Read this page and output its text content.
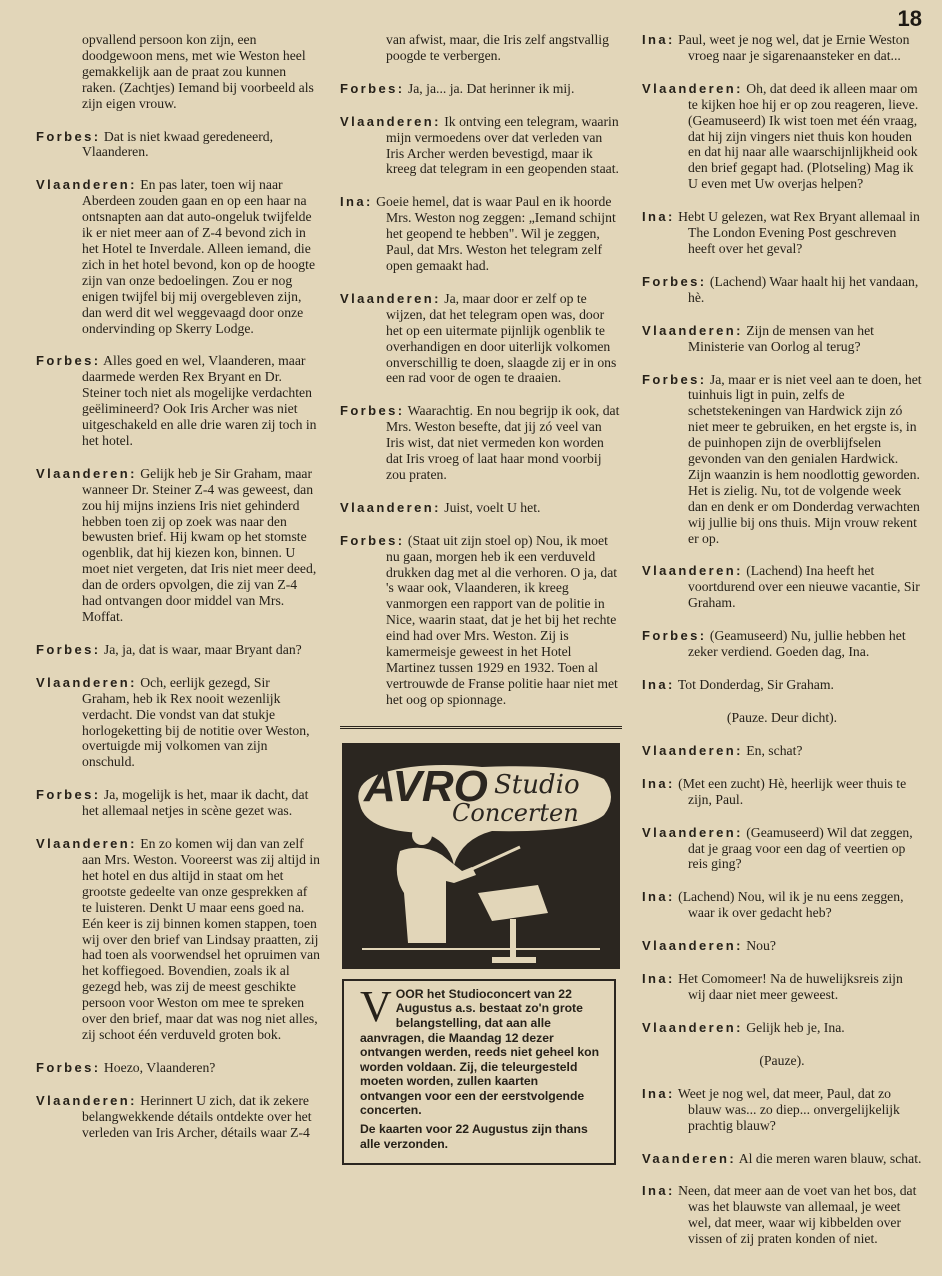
18
opvallend persoon kon zijn, een doodgewoon mens, met wie Weston heel gemakkelijk aan de praat zou kunnen raken. (Zachtjes) Iemand bij voorbeeld als zijn eigen vrouw.
Forbes: Dat is niet kwaad geredeneerd, Vlaanderen.
Vlaanderen: En pas later, toen wij naar Aberdeen zouden gaan en op een haar na ontsnapten aan dat auto-ongeluk twijfelde ik er niet meer aan of Z-4 bevond zich in het Hotel te Inverdale. Alleen iemand, die zich in het hotel bevond, kon op de hoogte zijn van onze bedoelingen. Zou er nog enigen twijfel bij mij overgebleven zijn, dan werd dit wel weggevaagd door onze ondervinding op Skerry Lodge.
Forbes: Alles goed en wel, Vlaanderen, maar daarmede werden Rex Bryant en Dr. Steiner toch niet als mogelijke verdachten geëlimineerd? Ook Iris Archer was niet uitgeschakeld en alle drie waren zij toch in het hotel.
Vlaanderen: Gelijk heb je Sir Graham, maar wanneer Dr. Steiner Z-4 was geweest, dan zou hij mijns inziens Iris niet gehinderd hebben toen zij op zoek was naar den bewusten brief. Hij kwam op het stomste ogenblik, dat hij kiezen kon, binnen. U moet niet vergeten, dat Iris niet meer deed, dan de orders opvolgen, die zij van Z-4 had ontvangen door middel van Mrs. Moffat.
Forbes: Ja, ja, dat is waar, maar Bryant dan?
Vlaanderen: Och, eerlijk gezegd, Sir Graham, heb ik Rex nooit wezenlijk verdacht. Die vondst van dat stukje horlogeketting bij de notitie over Weston, overtuigde mij volkomen van zijn onschuld.
Forbes: Ja, mogelijk is het, maar ik dacht, dat het allemaal netjes in scène gezet was.
Vlaanderen: En zo komen wij dan van zelf aan Mrs. Weston. Vooreerst was zij altijd in het hotel en dus altijd in staat om het grootste gedeelte van onze gesprekken af te luisteren. Denkt U maar eens goed na. Eén keer is zij binnen komen stappen, toen wij over den brief van Lindsay praatten, zij had toen als voorwendsel het opruimen van het koffiegoed. Bovendien, zoals ik al gezegd heb, was zij de meest geschikte persoon voor Weston om mee te spreken over den brief, maar dat was nog niet alles, zij schoot één verduveld groten bok.
Forbes: Hoezo, Vlaanderen?
Vlaanderen: Herinnert U zich, dat ik zekere belangwekkende détails ontdekte over het verleden van Iris Archer, détails waar Z-4
van afwist, maar, die Iris zelf angstvallig poogde te verbergen.
Forbes: Ja, ja... ja. Dat herinner ik mij.
Vlaanderen: Ik ontving een telegram, waarin mijn vermoedens over dat verleden van Iris Archer werden bevestigd, maar ik kreeg dat telegram in een geopenden staat.
Ina: Goeie hemel, dat is waar Paul en ik hoorde Mrs. Weston nog zeggen: „Iemand schijnt het geopend te hebben". Wil je zeggen, Paul, dat Mrs. Weston het telegram zelf open gemaakt had.
Vlaanderen: Ja, maar door er zelf op te wijzen, dat het telegram open was, door het op een uitermate pijnlijk ogenblik te overhandigen en door uiterlijk volkomen onverschillig te doen, slaagde zij er in ons een rad voor de ogen te draaien.
Forbes: Waarachtig. En nou begrijp ik ook, dat Mrs. Weston besefte, dat jij zó veel van Iris wist, dat niet vermeden kon worden dat Iris vroeg of laat haar mond voorbij zou praten.
Vlaanderen: Juist, voelt U het.
Forbes: (Staat uit zijn stoel op) Nou, ik moet nu gaan, morgen heb ik een verduveld drukken dag met al die verhoren. O ja, dat 's waar ook, Vlaanderen, ik kreeg vanmorgen een rapport van de politie in Nice, waarin staat, dat je het bij het rechte eind had over Mrs. Weston. Zij is kamermeisje geweest in het Hotel Martinez tussen 1929 en 1932. Toen al vertrouwde de Franse politie haar niet met het oog op spionnage.
AVRO Studio
Concerten
V OOR het Studioconcert van 22 Augustus a.s. bestaat zo'n grote belangstelling, dat aan alle aanvragen, die Maandag 12 dezer ontvangen werden, reeds niet geheel kon worden voldaan. Zij, die teleurgesteld moeten worden, zullen kaarten ontvangen voor een der eerstvolgende concerten.

De kaarten voor 22 Augustus zijn thans alle verzonden.

Ina: Paul, weet je nog wel, dat je Ernie Weston vroeg naar je sigarenaansteker en dat...
Vlaanderen: Oh, dat deed ik alleen maar om te kijken hoe hij er op zou reageren, lieve. (Geamuseerd) Ik wist toen met één vraag, dat hij zijn vingers niet thuis kon houden en dat hij naar alle waarschijnlijkheid ook den brief gegapt had. (Plotseling) Mag ik U even met Uw overjas helpen?
Ina: Hebt U gelezen, wat Rex Bryant allemaal in The London Evening Post geschreven heeft over het geval?
Forbes: (Lachend) Waar haalt hij het vandaan, hè.
Vlaanderen: Zijn de mensen van het Ministerie van Oorlog al terug?
Forbes: Ja, maar er is niet veel aan te doen, het tuinhuis ligt in puin, zelfs de schetstekeningen van Hardwick zijn zó niet meer te gebruiken, en het ergste is, in de puinhopen zijn de overblijfselen gevonden van den genialen Hardwick. Zijn waanzin is hem noodlottig geworden. Het is zielig. Nu, tot de volgende week dan en denk er om Donderdag verwachten wij jullie bij ons thuis. Mijn vrouw rekent er op.
Vlaanderen: (Lachend) Ina heeft het voortdurend over een nieuwe vacantie, Sir Graham.
Forbes: (Geamuseerd) Nu, jullie hebben het zeker verdiend. Goeden dag, Ina.
Ina: Tot Donderdag, Sir Graham.
(Pauze. Deur dicht).
Vlaanderen: En, schat?
Ina: (Met een zucht) Hè, heerlijk weer thuis te zijn, Paul.
Vlaanderen: (Geamuseerd) Wil dat zeggen, dat je graag voor een dag of veertien op reis ging?
Ina: (Lachend) Nou, wil ik je nu eens zeggen, waar ik over gedacht heb?
Vlaanderen: Nou?
Ina: Het Comomeer! Na de huwelijksreis zijn wij daar niet meer geweest.
Vlaanderen: Gelijk heb je, Ina.
(Pauze).
Ina: Weet je nog wel, dat meer, Paul, dat zo blauw was... zo diep... onvergelijkelijk prachtig blauw?
Vaanderen: Al die meren waren blauw, schat.
Ina: Neen, dat meer aan de voet van het bos, dat was het blauwste van allemaal, je weet wel, dat meer, waar wij kibbelden over vissen of zij praten konden of niet.
